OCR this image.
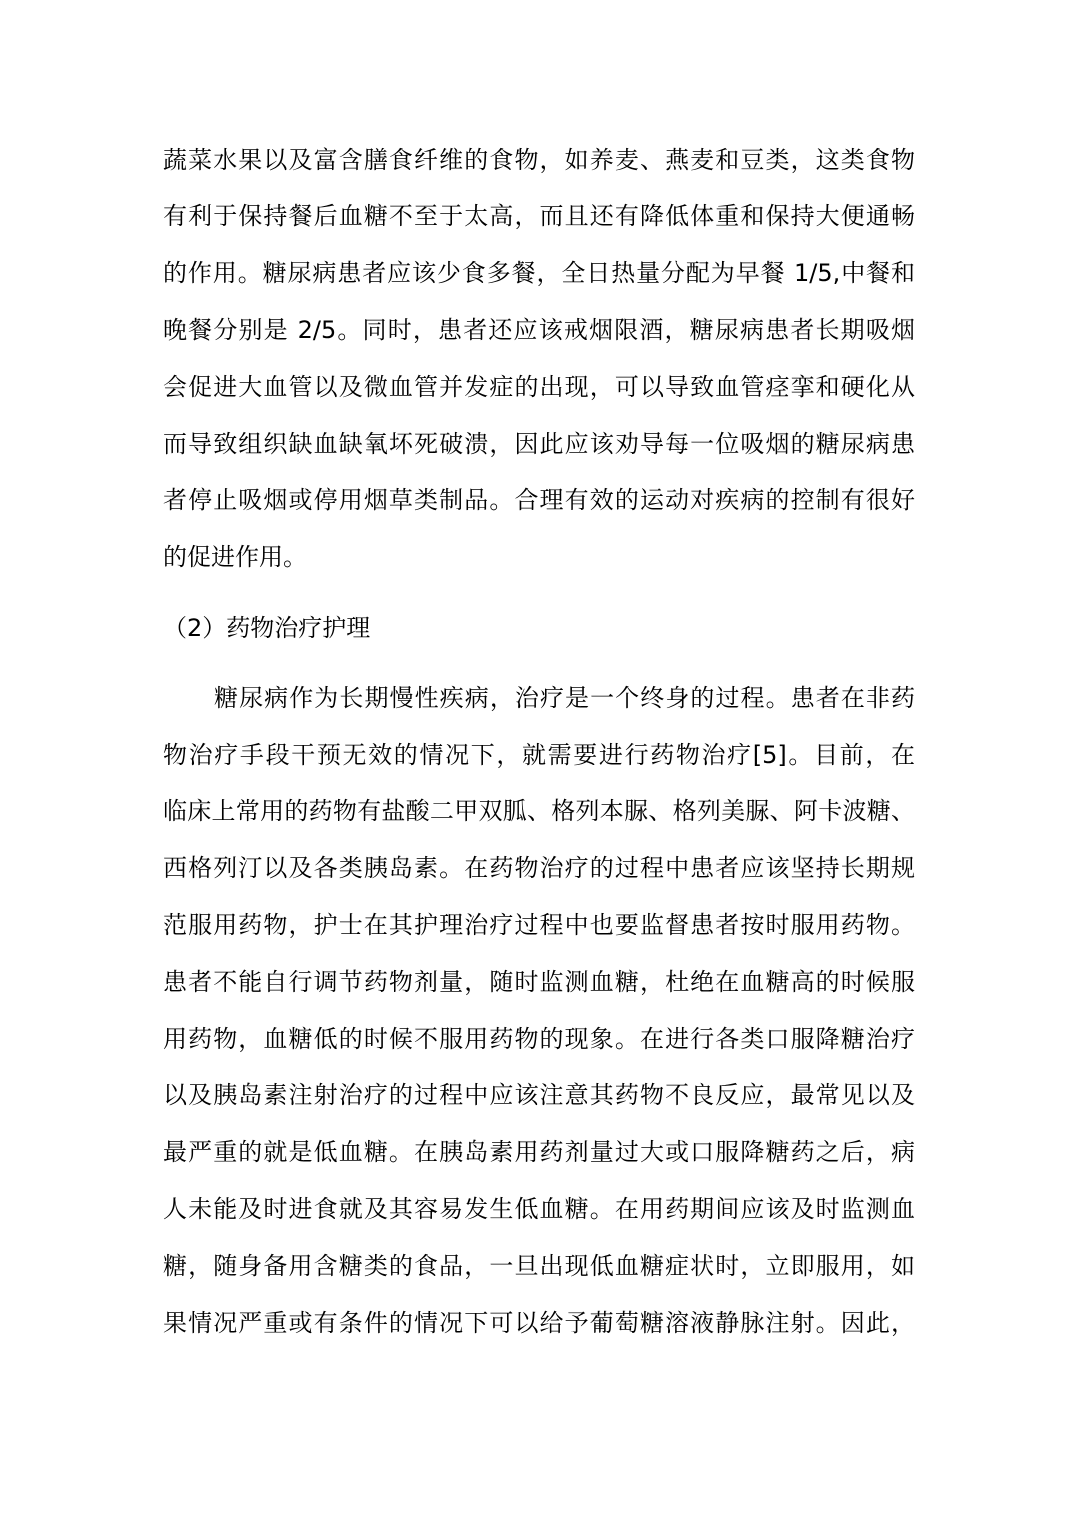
蔬菜水果以及富含膳食纤维的食物，如养麦、燕麦和豆类，这类食物
有利于保持餐后血糖不至于太高，而且还有降低体重和保持大便通畅
的作用。糖尿病患者应该少食多餐，全日热量分配为早餐 1/5,中餐和
晚餐分别是 2/5。同时，患者还应该戒烟限酒，糖尿病患者长期吸烟
会促进大血管以及微血管并发症的出现，可以导致血管痉挛和硬化从
而导致组织缺血缺氧坏死破溃，因此应该劝导每一位吸烟的糖尿病患
者停止吸烟或停用烟草类制品。合理有效的运动对疾病的控制有很好
的促进作用。
（2）药物治疗护理
糖尿病作为长期慢性疾病，治疗是一个终身的过程。患者在非药
物治疗手段干预无效的情况下，就需要进行药物治疗[5]。目前，在
临床上常用的药物有盐酸二甲双胍、格列本脲、格列美脲、阿卡波糖、
西格列汀以及各类胰岛素。在药物治疗的过程中患者应该坚持长期规
范服用药物，护士在其护理治疗过程中也要监督患者按时服用药物。
患者不能自行调节药物剂量，随时监测血糖，杜绝在血糖高的时候服
用药物，血糖低的时候不服用药物的现象。在进行各类口服降糖治疗
以及胰岛素注射治疗的过程中应该注意其药物不良反应，最常见以及
最严重的就是低血糖。在胰岛素用药剂量过大或口服降糖药之后，病
人未能及时进食就及其容易发生低血糖。在用药期间应该及时监测血
糖，随身备用含糖类的食品，一旦出现低血糖症状时，立即服用，如
果情况严重或有条件的情况下可以给予葡萄糖溶液静脉注射。因此，
